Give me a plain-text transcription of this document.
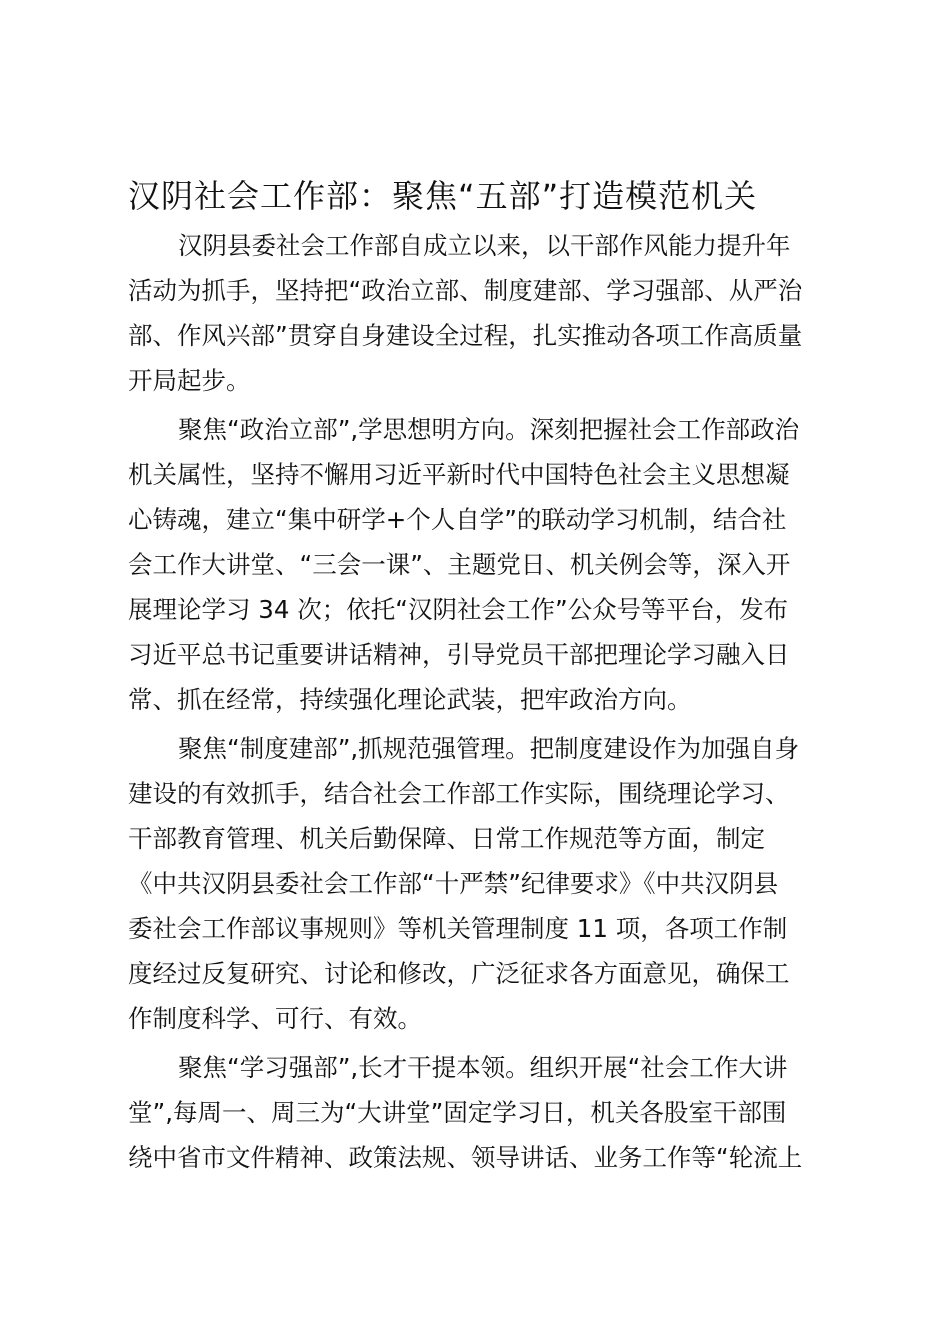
汉阴社会工作部：聚焦“五部”打造模范机关

汉阴县委社会工作部自成立以来，以干部作风能力提升年
活动为抓手，坚持把“政治立部、制度建部、学习强部、从严治
部、作风兴部”贯穿自身建设全过程，扎实推动各项工作高质量
开局起步。

聚焦“政治立部”,学思想明方向。深刻把握社会工作部政治
机关属性，坚持不懈用习近平新时代中国特色社会主义思想凝
心铸魂，建立“集中研学+个人自学”的联动学习机制，结合社
会工作大讲堂、“三会一课”、主题党日、机关例会等，深入开
展理论学习 34 次；依托“汉阴社会工作”公众号等平台，发布
习近平总书记重要讲话精神，引导党员干部把理论学习融入日
常、抓在经常，持续强化理论武装，把牢政治方向。

聚焦“制度建部”,抓规范强管理。把制度建设作为加强自身
建设的有效抓手，结合社会工作部工作实际，围绕理论学习、
干部教育管理、机关后勤保障、日常工作规范等方面，制定
《中共汉阴县委社会工作部“十严禁”纪律要求》《中共汉阴县
委社会工作部议事规则》等机关管理制度 11 项，各项工作制
度经过反复研究、讨论和修改，广泛征求各方面意见，确保工
作制度科学、可行、有效。

聚焦“学习强部”,长才干提本领。组织开展“社会工作大讲
堂”,每周一、周三为“大讲堂”固定学习日，机关各股室干部围
绕中省市文件精神、政策法规、领导讲话、业务工作等“轮流上
